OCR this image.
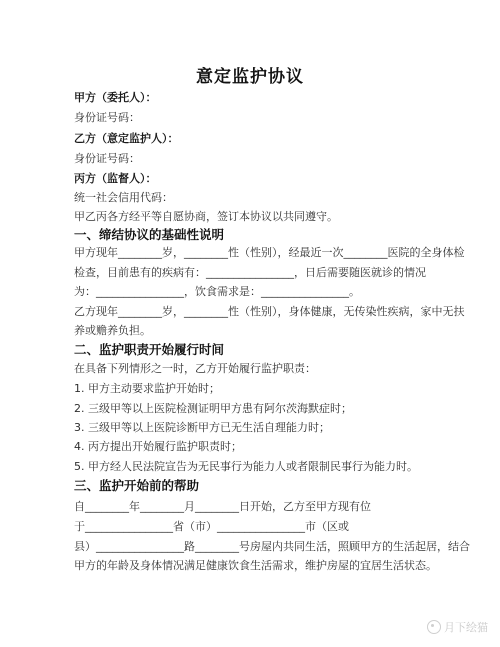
意定监护协议
甲方（委托人）：
身份证号码：
乙方（意定监护人）：
身份证号码：
丙方（监督人）：
统一社会信用代码：
甲乙丙各方经平等自愿协商，签订本协议以共同遵守。
一、缔结协议的基础性说明
甲方现年________岁，________性（性别），经最近一次________医院的全身体检
检查，目前患有的疾病有：________________，日后需要随医就诊的情况
为：________________，饮食需求是：________________。
乙方现年________岁，________性（性别），身体健康，无传染性疾病，家中无扶
养或赡养负担。
二、监护职责开始履行时间
在具备下列情形之一时，乙方开始履行监护职责：
1. 甲方主动要求监护开始时；
2. 三级甲等以上医院检测证明甲方患有阿尔茨海默症时；
3. 三级甲等以上医院诊断甲方已无生活自理能力时；
4. 丙方提出开始履行监护职责时；
5. 甲方经人民法院宣告为无民事行为能力人或者限制民事行为能力时。
三、监护开始前的帮助
自________年________月________日开始，乙方至甲方现有位
于________________省（市）________________市（区或
县）________________路________号房屋内共同生活，照顾甲方的生活起居，结合
甲方的年龄及身体情况满足健康饮食生活需求，维护房屋的宜居生活状态。
月下绘猫
